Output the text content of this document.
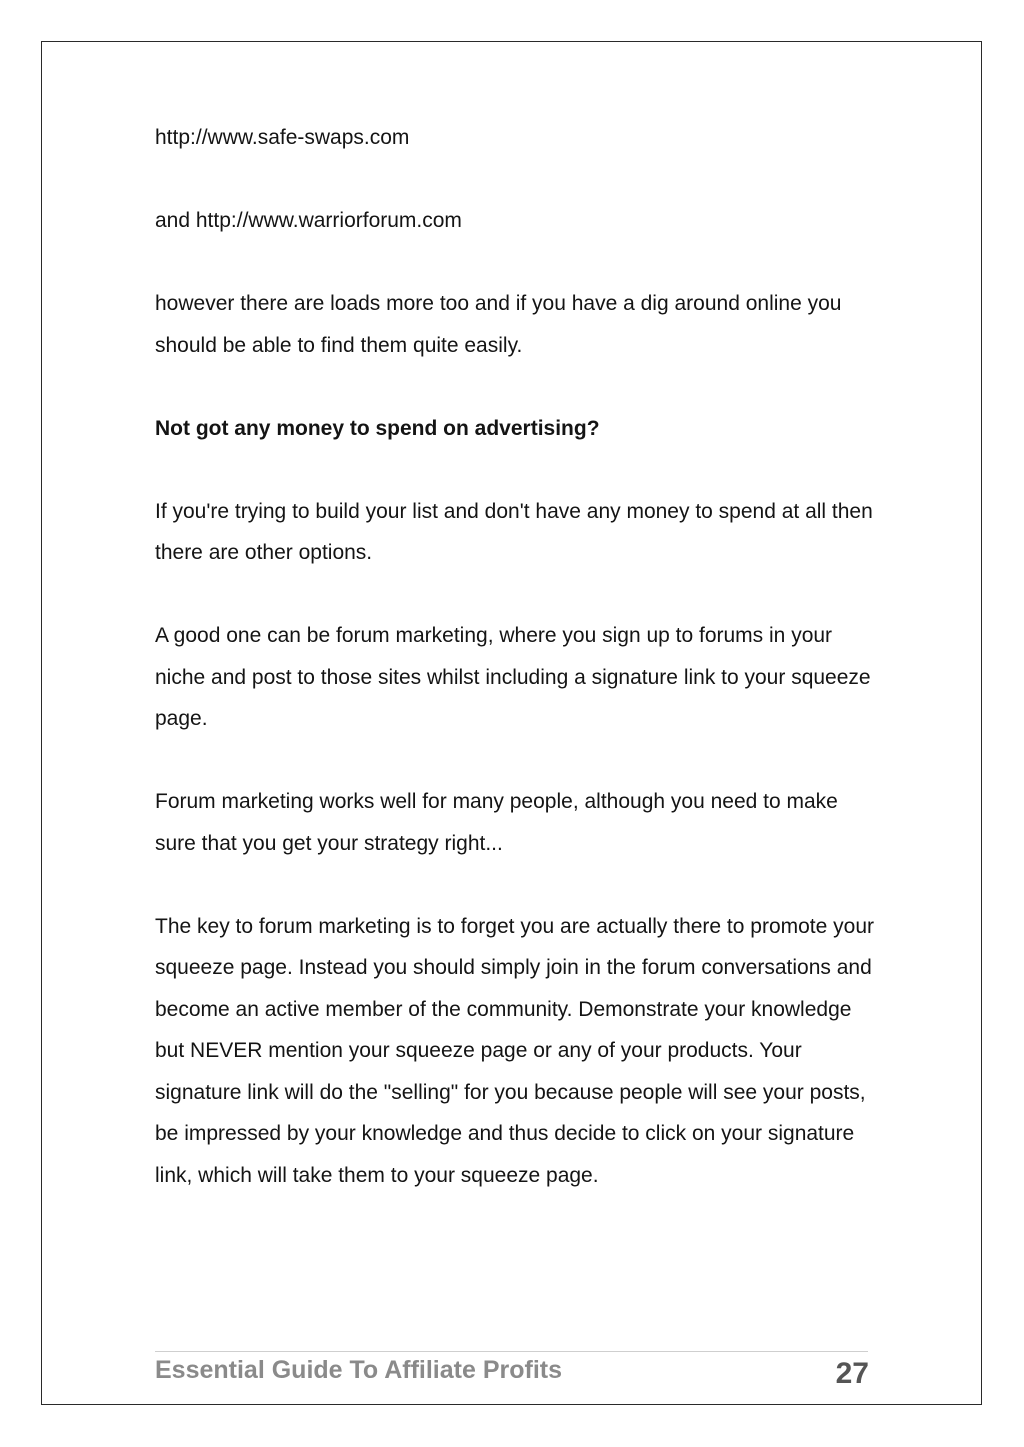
http://www.safe-swaps.com

and http://www.warriorforum.com

however there are loads more too and if you have a dig around online you should be able to find them quite easily.

Not got any money to spend on advertising?

If you're trying to build your list and don't have any money to spend at all then there are other options.

A good one can be forum marketing, where you sign up to forums in your niche and post to those sites whilst including a signature link to your squeeze page.

Forum marketing works well for many people, although you need to make sure that you get your strategy right...

The key to forum marketing is to forget you are actually there to promote your squeeze page. Instead you should simply join in the forum conversations and become an active member of the community. Demonstrate your knowledge but NEVER mention your squeeze page or any of your products. Your signature link will do the "selling" for you because people will see your posts, be impressed by your knowledge and thus decide to click on your signature link, which will take them to your squeeze page.

Essential Guide To Affiliate Profits	27
